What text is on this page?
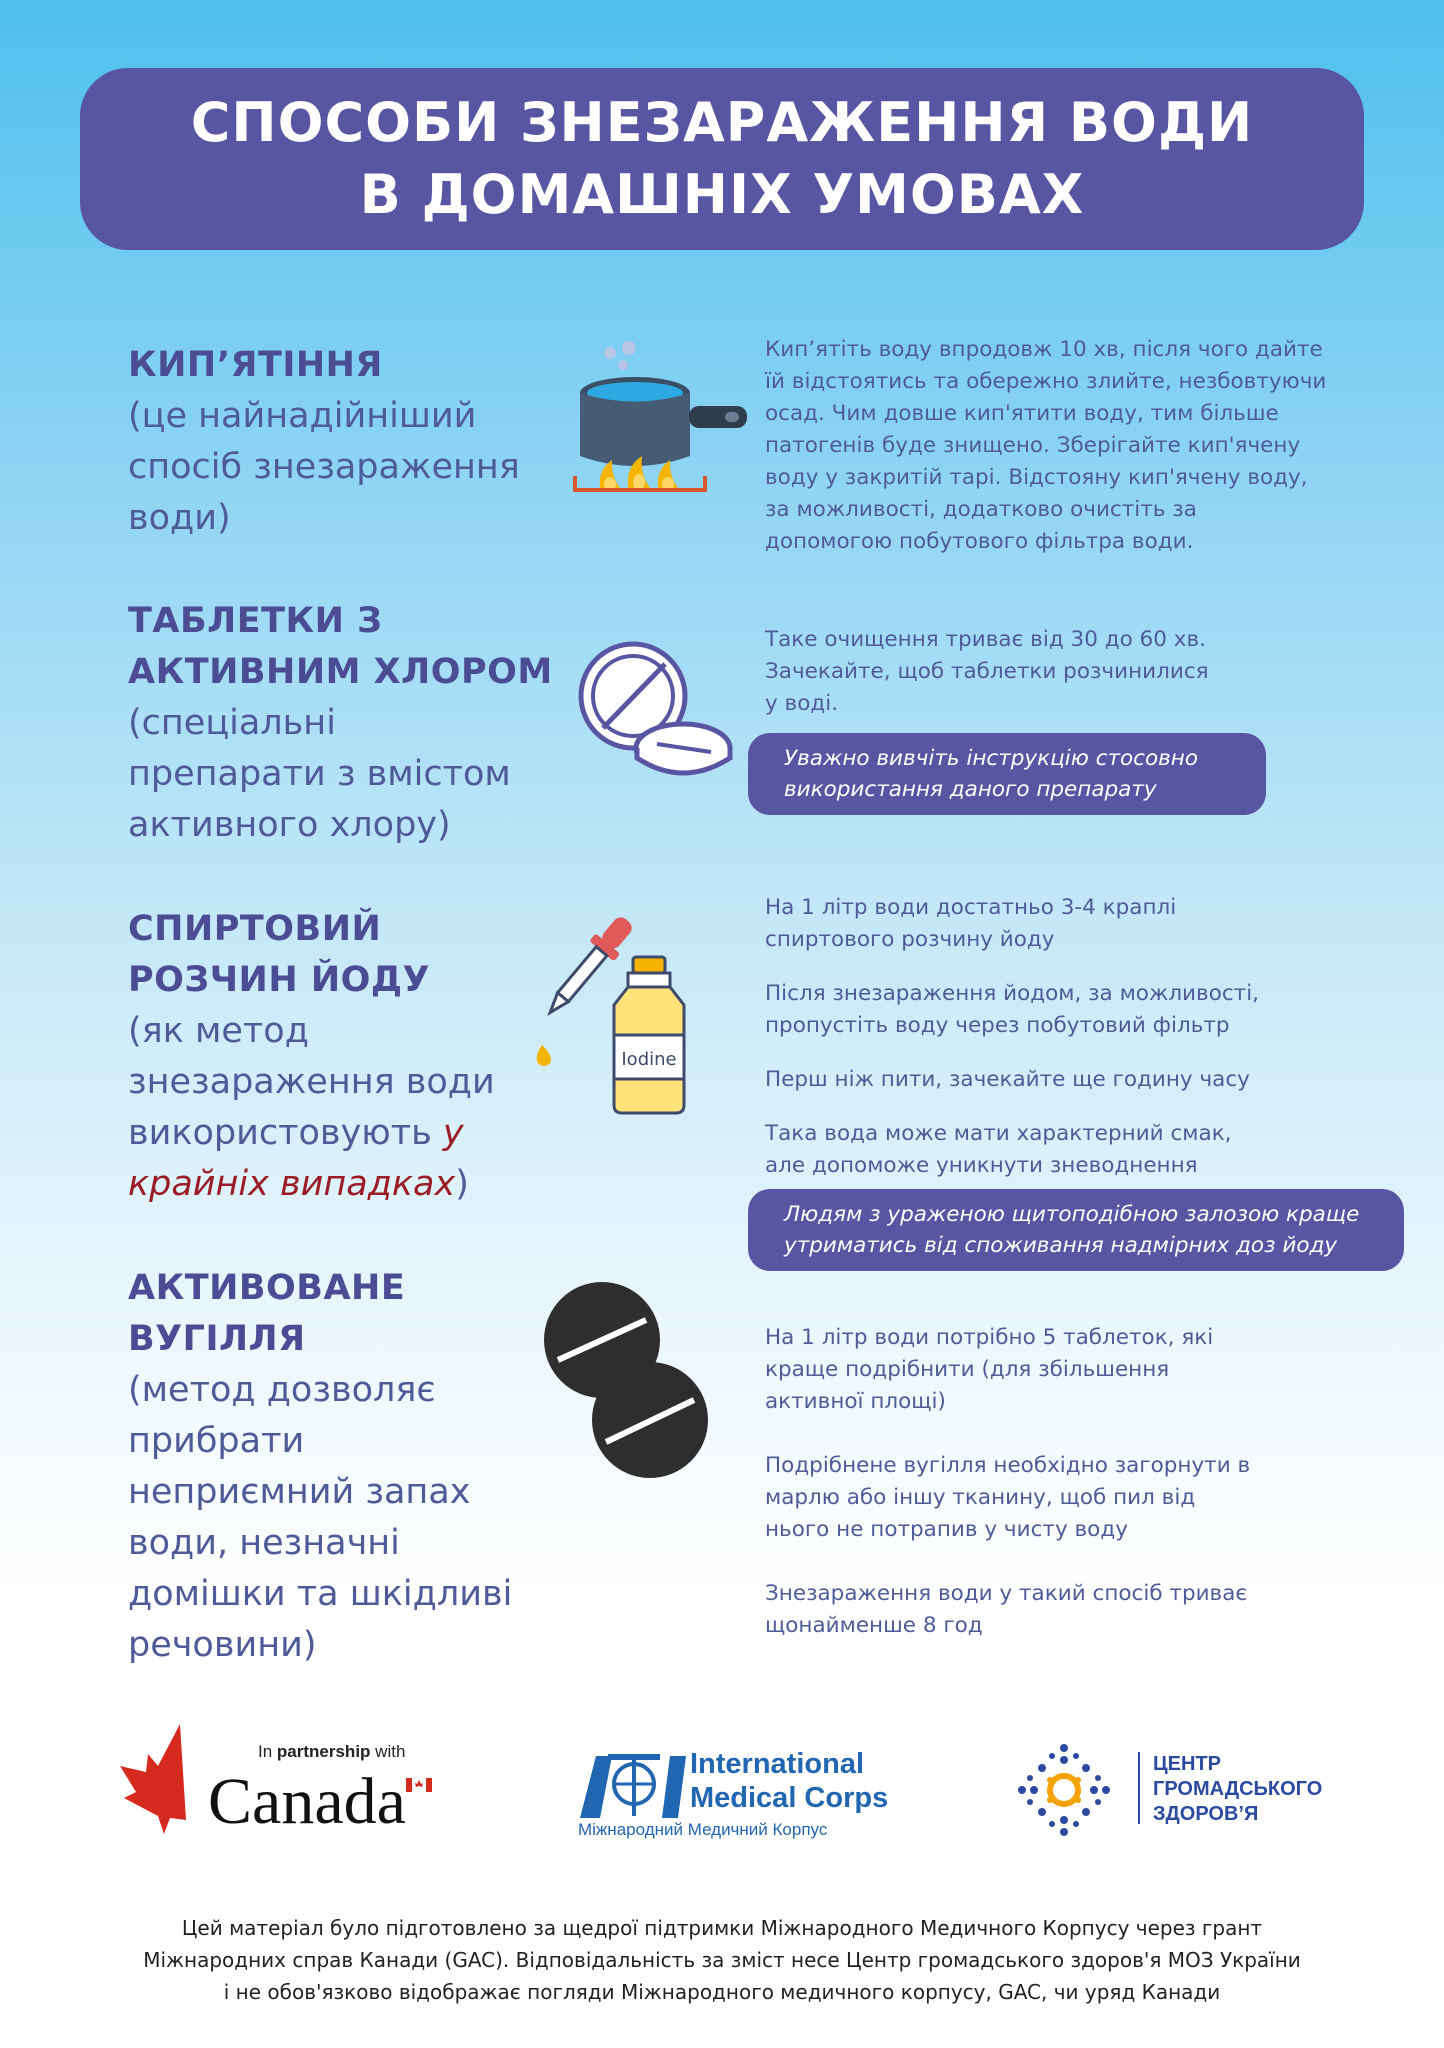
СПОСОБИ ЗНЕЗАРАЖЕННЯ ВОДИ
В ДОМАШНІХ УМОВАХ
КИП’ЯТІННЯ
(це найнадійніший
спосіб знезараження
води)

Кип’ятіть воду впродовж 10 хв, після чого дайте

їй відстоятись та обережно злийте, незбовтуючи

осад. Чим довше кип'ятити воду, тим більше

патогенів буде знищено. Зберігайте кип'ячену

воду у закритій тарі. Відстояну кип'ячену воду,

за можливості, додатково очистіть за

допомогою побутового фільтра води.

ТАБЛЕТКИ З
АКТИВНИМ ХЛОРОМ
(спеціальні
препарати з вмістом
активного хлору)

Таке очищення триває від 30 до 60 хв.

Зачекайте, щоб таблетки розчинилися

у воді.

Уважно вивчіть інструкцію стосовно
використання даного препарату
СПИРТОВИЙ
РОЗЧИН ЙОДУ
(як метод
знезараження води
використовують у
крайніх випадках)
Iodine

На 1 літр води достатньо 3-4 краплі

спиртового розчину йоду

Після знезараження йодом, за можливості,

пропустіть воду через побутовий фільтр

Перш ніж пити, зачекайте ще годину часу

Така вода може мати характерний смак,

але допоможе уникнути зневоднення

Людям з ураженою щитоподібною залозою краще
утриматись від споживання надмірних доз йоду
АКТИВОВАНЕ
ВУГІЛЛЯ
(метод дозволяє
прибрати
неприємний запах
води, незначні
домішки та шкідливі
речовини)

На 1 літр води потрібно 5 таблеток, які

краще подрібнити (для збільшення

активної площі)

Подрібнене вугілля необхідно загорнути в

марлю або іншу тканину, щоб пил від

нього не потрапив у чисту воду

Знезараження води у такий спосіб триває

щонайменше 8 год

In partnership with
Canada
International
Medical Corps
Міжнародний Медичний Корпус
ЦЕНТР
ГРОМАДСЬКОГО
ЗДОРОВ’Я
Цей матеріал було підготовлено за щедрої підтримки Міжнародного Медичного Корпусу через грант
Міжнародних справ Канади (GAC). Відповідальність за зміст несе Центр громадського здоров'я МОЗ України
і не обов'язково відображає погляди Міжнародного медичного корпусу, GAC, чи уряд Канади
